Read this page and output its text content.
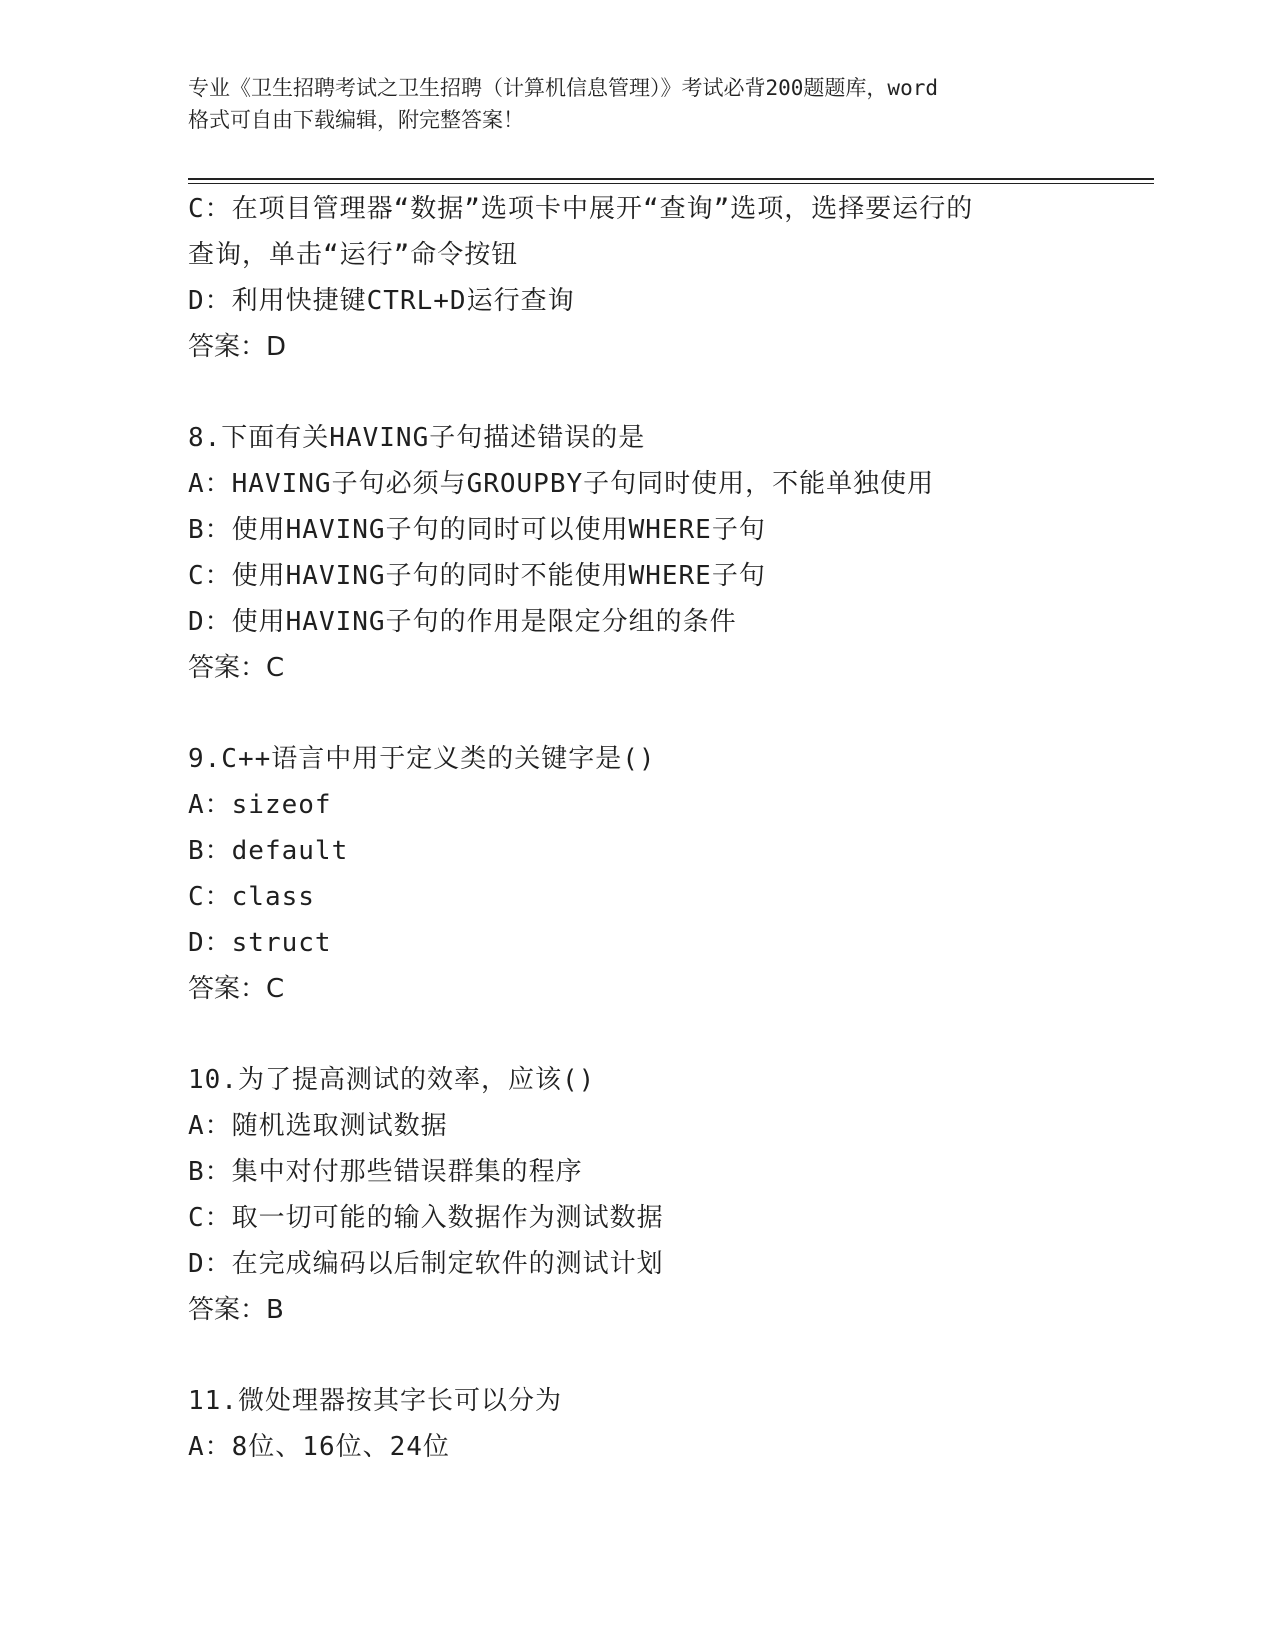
专业《卫生招聘考试之卫生招聘（计算机信息管理）》考试必背200题题库，word
格式可自由下载编辑，附完整答案！
C：在项目管理器“数据”选项卡中展开“查询”选项，选择要运行的
查询，单击“运行”命令按钮
D：利用快捷键CTRL+D运行查询
答案：D
8.下面有关HAVING子句描述错误的是
A：HAVING子句必须与GROUPBY子句同时使用，不能单独使用
B：使用HAVING子句的同时可以使用WHERE子句
C：使用HAVING子句的同时不能使用WHERE子句
D：使用HAVING子句的作用是限定分组的条件
答案：C
9.C++语言中用于定义类的关键字是()
A：sizeof
B：default
C：class
D：struct
答案：C
10.为了提高测试的效率，应该()
A：随机选取测试数据
B：集中对付那些错误群集的程序
C：取一切可能的输入数据作为测试数据
D：在完成编码以后制定软件的测试计划
答案：B
11.微处理器按其字长可以分为
A：8位、16位、24位
